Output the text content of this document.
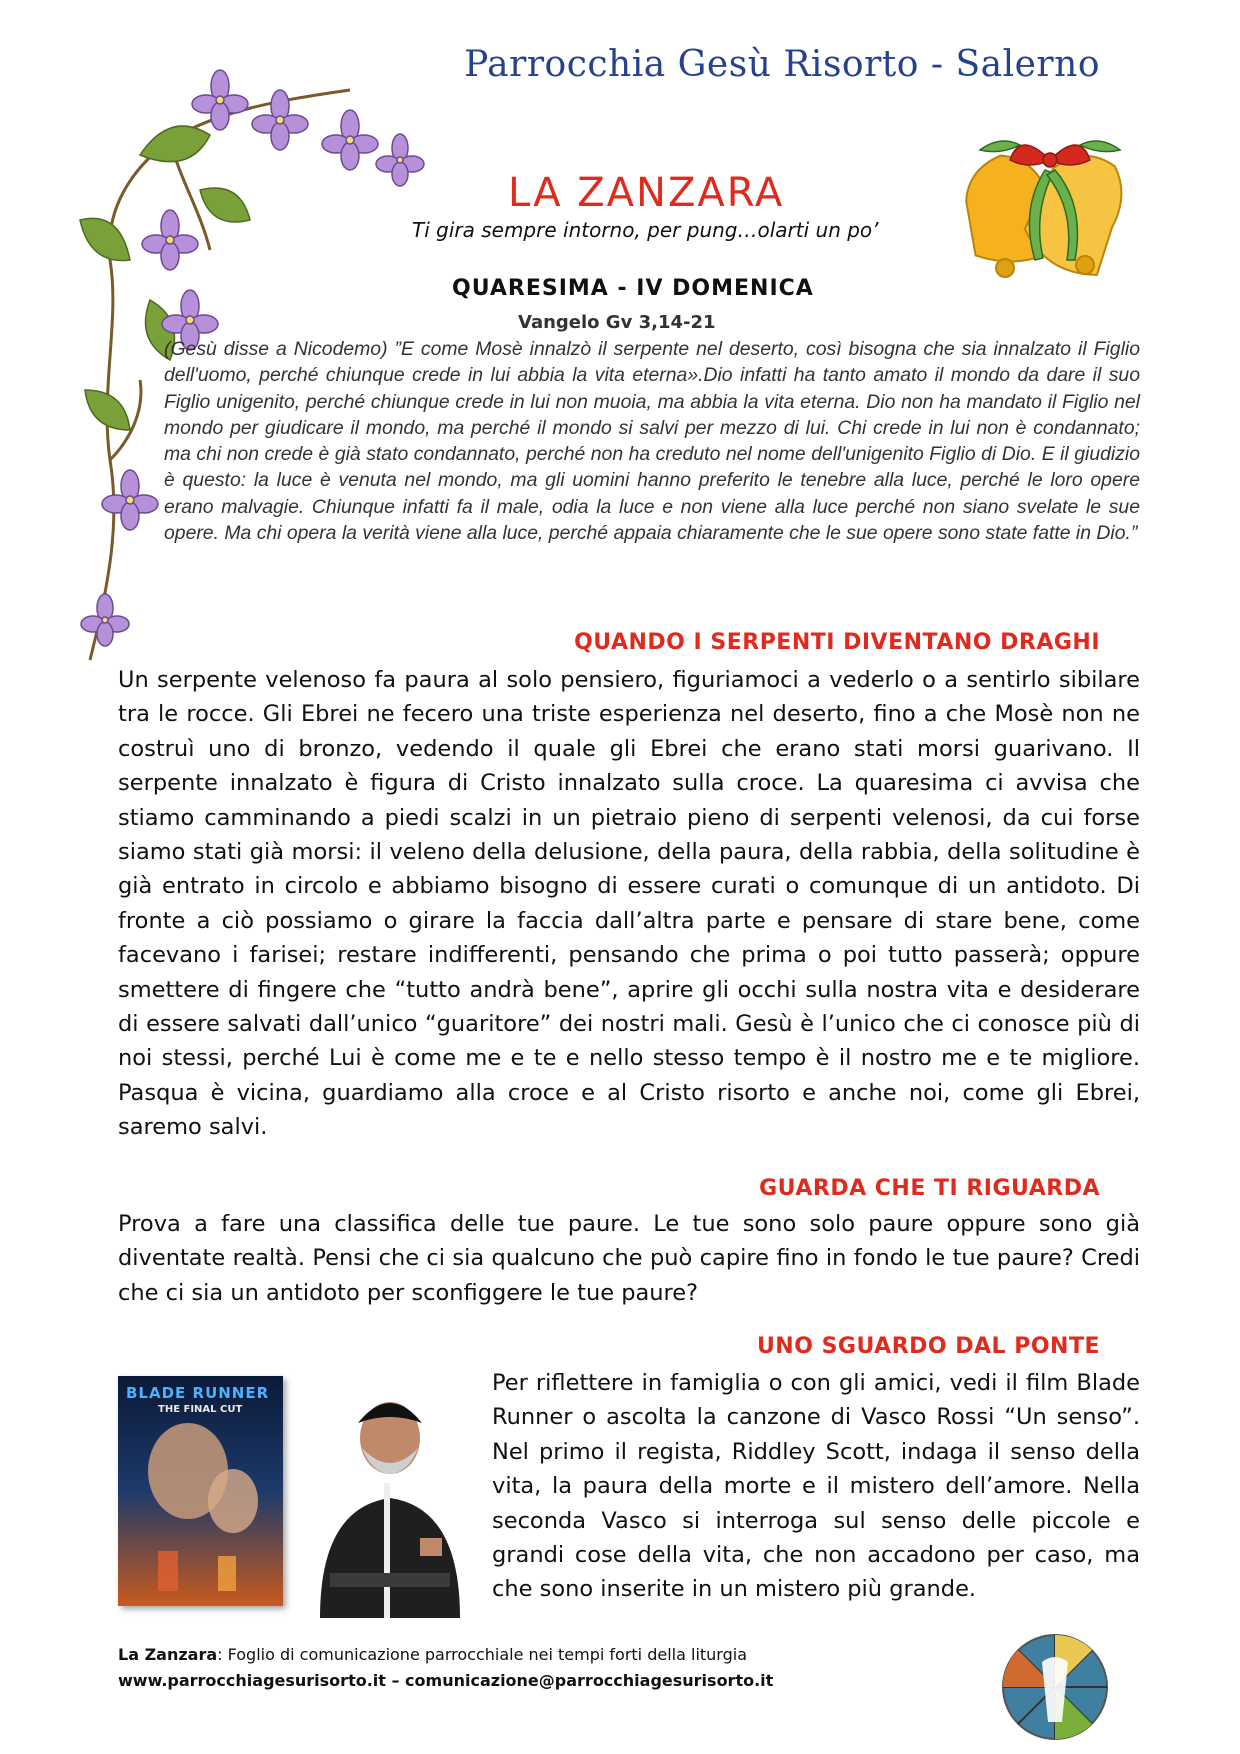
Parrocchia Gesù Risorto - Salerno
LA ZANZARA
Ti gira sempre intorno, per pung…olarti un po’
QUARESIMA - IV DOMENICA
Vangelo Gv 3,14-21
(Gesù disse a Nicodemo) ”E come Mosè innalzò il serpente nel deserto, così bisogna che sia innalzato il Figlio dell'uomo, perché chiunque crede in lui abbia la vita eterna».Dio infatti ha tanto amato il mondo da dare il suo Figlio unigenito, perché chiunque crede in lui non muoia, ma abbia la vita eterna. Dio non ha mandato il Figlio nel mondo per giudicare il mondo, ma perché il mondo si salvi per mezzo di lui. Chi crede in lui non è condannato; ma chi non crede è già stato condannato, perché non ha creduto nel nome dell'unigenito Figlio di Dio. E il giudizio è questo: la luce è venuta nel mondo, ma gli uomini hanno preferito le tenebre alla luce, perché le loro opere erano malvagie. Chiunque infatti fa il male, odia la luce e non viene alla luce perché non siano svelate le sue opere. Ma chi opera la verità viene alla luce, perché appaia chiaramente che le sue opere sono state fatte in Dio.”
QUANDO I SERPENTI DIVENTANO DRAGHI
Un serpente velenoso fa paura al solo pensiero, figuriamoci a vederlo o a sentirlo sibilare tra le rocce. Gli Ebrei ne fecero una triste esperienza nel deserto, fino a che Mosè non ne costruì uno di bronzo, vedendo il quale gli Ebrei che erano stati morsi guarivano. Il serpente innalzato è figura di Cristo innalzato sulla croce. La quaresima ci avvisa che stiamo camminando a piedi scalzi in un pietraio pieno di serpenti velenosi, da cui forse siamo stati già morsi: il veleno della delusione, della paura, della rabbia, della solitudine è già entrato in circolo e abbiamo bisogno di essere curati o comunque di un antidoto. Di fronte a ciò possiamo o girare la faccia dall’altra parte e pensare di stare bene, come facevano i farisei; restare indifferenti, pensando che prima o poi tutto passerà; oppure smettere di fingere che “tutto andrà bene”, aprire gli occhi sulla nostra vita e desiderare di essere salvati dall’unico “guaritore” dei nostri mali. Gesù è l’unico che ci conosce più di noi stessi, perché Lui è come me e te e nello stesso tempo è il nostro me e te migliore. Pasqua è vicina, guardiamo alla croce e al Cristo risorto e anche noi, come gli Ebrei, saremo salvi.
GUARDA CHE TI RIGUARDA
Prova a fare una classifica delle tue paure. Le tue sono solo paure oppure sono già diventate realtà. Pensi che ci sia qualcuno che può capire fino in fondo le tue paure? Credi che ci sia un antidoto per sconfiggere le tue paure?
UNO SGUARDO DAL PONTE
Per riflettere in famiglia o con gli amici, vedi il film Blade Runner o ascolta la canzone di Vasco Rossi “Un senso”. Nel primo il regista, Riddley Scott, indaga il senso della vita, la paura della morte e il mistero dell’amore. Nella seconda Vasco si interroga sul senso delle piccole e grandi cose della vita, che non accadono per caso, ma che sono inserite in un mistero più grande.
BLADE RUNNER
THE FINAL CUT
La Zanzara: Foglio di comunicazione parrocchiale nei tempi forti della liturgia
www.parrocchiagesurisorto.it – comunicazione@parrocchiagesurisorto.it
